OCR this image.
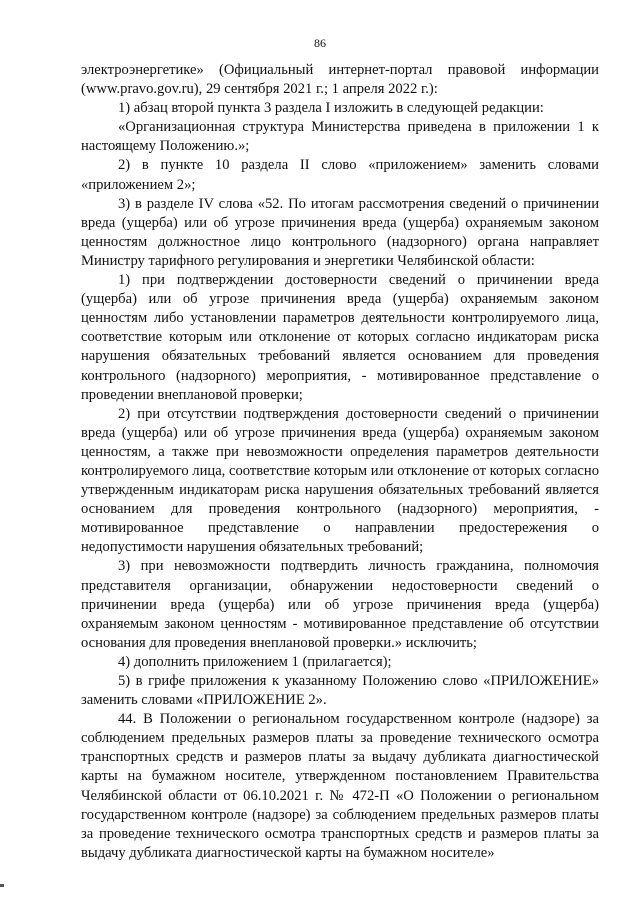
86

электроэнергетике» (Официальный интернет-портал правовой информации (www.pravo.gov.ru), 29 сентября 2021 г.; 1 апреля 2022 г.):

1) абзац второй пункта 3 раздела I изложить в следующей редакции:

«Организационная структура Министерства приведена в приложении 1 к настоящему Положению.»;

2) в пункте 10 раздела II слово «приложением» заменить словами «приложением 2»;

3) в разделе IV слова «52. По итогам рассмотрения сведений о причинении вреда (ущерба) или об угрозе причинения вреда (ущерба) охраняемым законом ценностям должностное лицо контрольного (надзорного) органа направляет Министру тарифного регулирования и энергетики Челябинской области:

1) при подтверждении достоверности сведений о причинении вреда (ущерба) или об угрозе причинения вреда (ущерба) охраняемым законом ценностям либо установлении параметров деятельности контролируемого лица, соответствие которым или отклонение от которых согласно индикаторам риска нарушения обязательных требований является основанием для проведения контрольного (надзорного) мероприятия, - мотивированное представление о проведении внеплановой проверки;

2) при отсутствии подтверждения достоверности сведений о причинении вреда (ущерба) или об угрозе причинения вреда (ущерба) охраняемым законом ценностям, а также при невозможности определения параметров деятельности контролируемого лица, соответствие которым или отклонение от которых согласно утвержденным индикаторам риска нарушения обязательных требований является основанием для проведения контрольного (надзорного) мероприятия, - мотивированное представление о направлении предостережения о недопустимости нарушения обязательных требований;

3) при невозможности подтвердить личность гражданина, полномочия представителя организации, обнаружении недостоверности сведений о причинении вреда (ущерба) или об угрозе причинения вреда (ущерба) охраняемым законом ценностям - мотивированное представление об отсутствии основания для проведения внеплановой проверки.» исключить;

4) дополнить приложением 1 (прилагается);

5) в грифе приложения к указанному Положению слово «ПРИЛОЖЕНИЕ» заменить словами «ПРИЛОЖЕНИЕ 2».

44. В Положении о региональном государственном контроле (надзоре) за соблюдением предельных размеров платы за проведение технического осмотра транспортных средств и размеров платы за выдачу дубликата диагностической карты на бумажном носителе, утвержденном постановлением Правительства Челябинской области от 06.10.2021 г. № 472-П «О Положении о региональном государственном контроле (надзоре) за соблюдением предельных размеров платы за проведение технического осмотра транспортных средств и размеров платы за выдачу дубликата диагностической карты на бумажном носителе»
